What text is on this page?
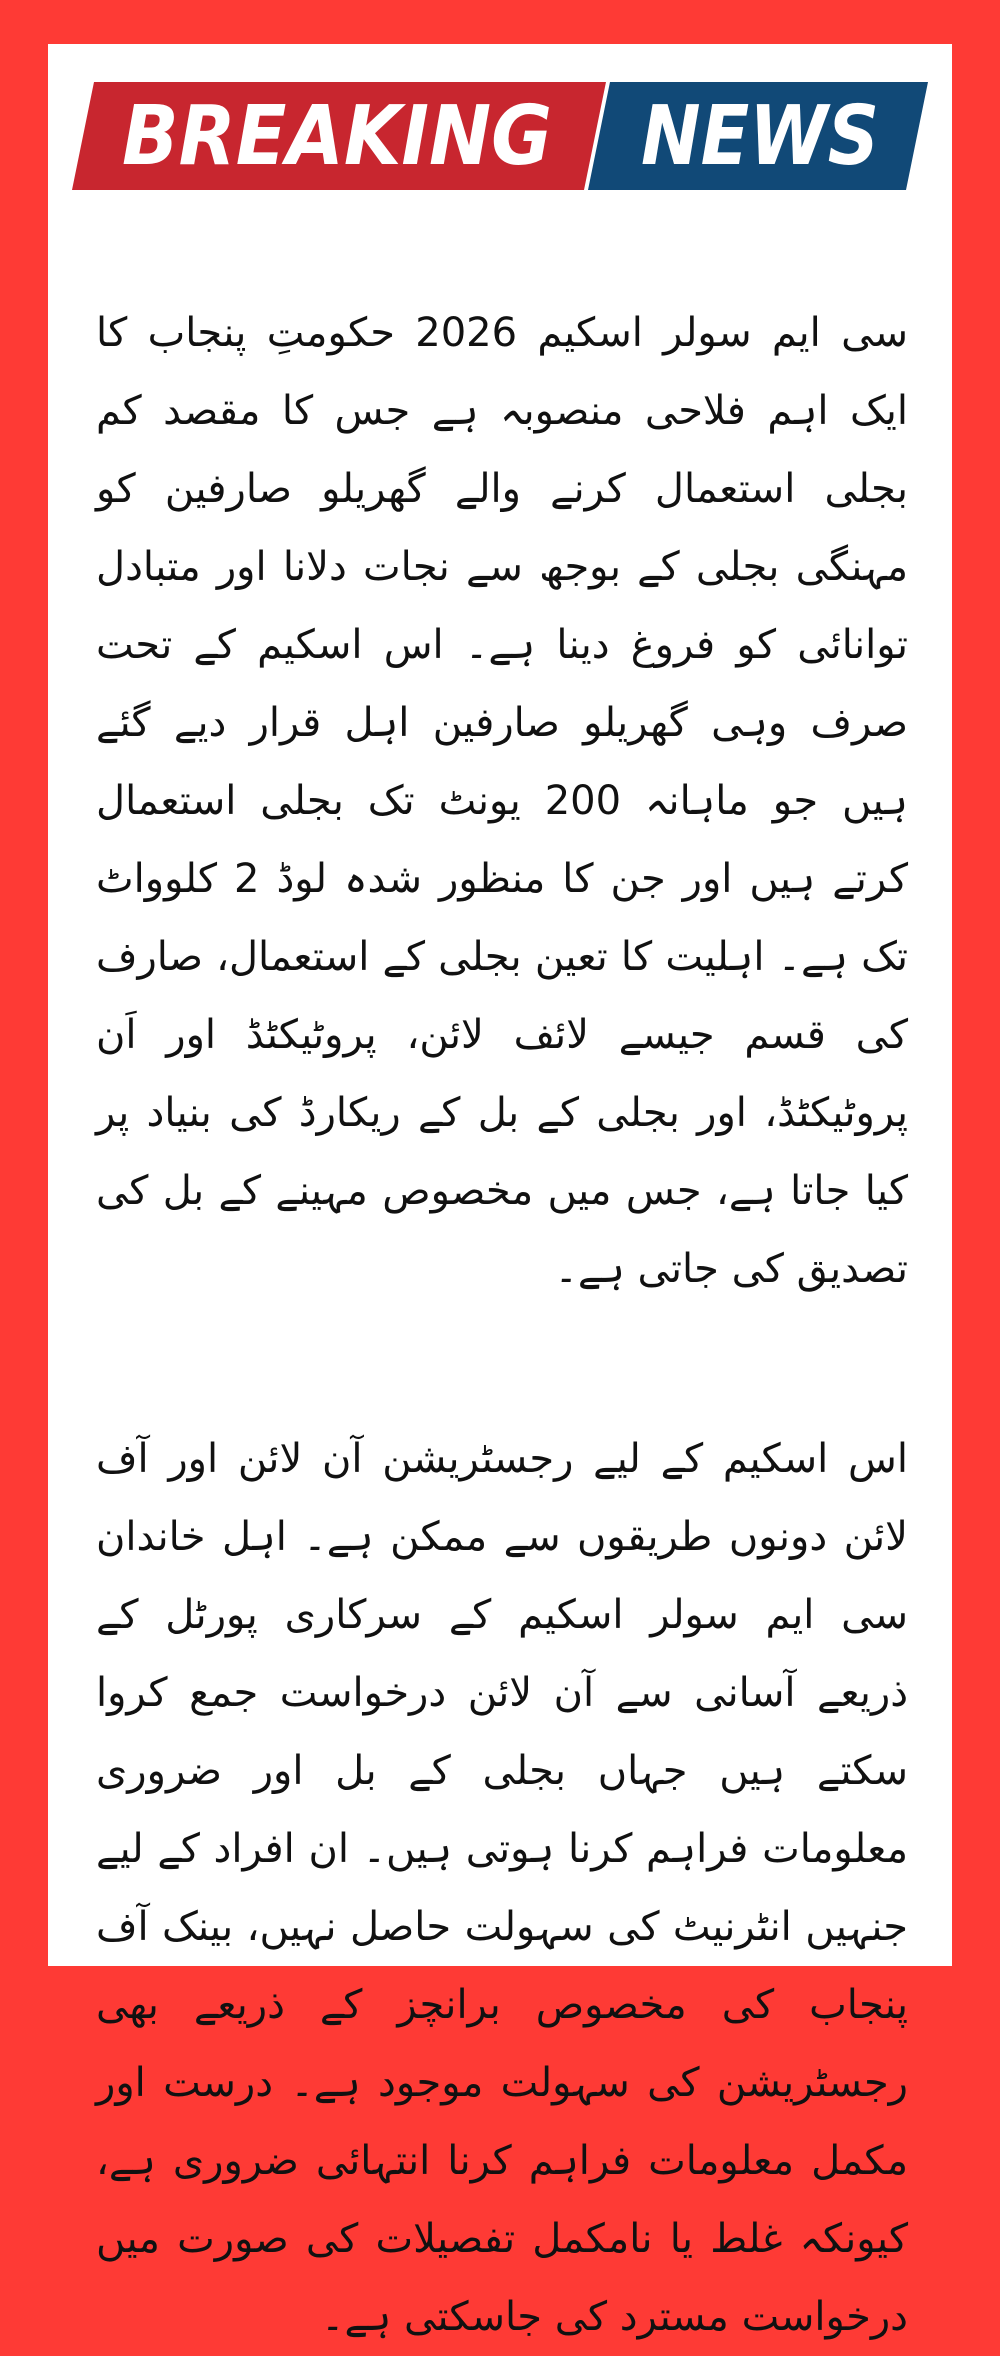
BREAKING NEWS

سی ایم سولر اسکیم 2026 حکومتِ پنجاب کا ایک اہم فلاحی منصوبہ ہے جس کا مقصد کم بجلی استعمال کرنے والے گھریلو صارفین کو مہنگی بجلی کے بوجھ سے نجات دلانا اور متبادل توانائی کو فروغ دینا ہے۔ اس اسکیم کے تحت صرف وہی گھریلو صارفین اہل قرار دیے گئے ہیں جو ماہانہ 200 یونٹ تک بجلی استعمال کرتے ہیں اور جن کا منظور شدہ لوڈ 2 کلوواٹ تک ہے۔ اہلیت کا تعین بجلی کے استعمال، صارف کی قسم جیسے لائف لائن، پروٹیکٹڈ اور اَن پروٹیکٹڈ، اور بجلی کے بل کے ریکارڈ کی بنیاد پر کیا جاتا ہے، جس میں مخصوص مہینے کے بل کی تصدیق کی جاتی ہے۔

اس اسکیم کے لیے رجسٹریشن آن لائن اور آف لائن دونوں طریقوں سے ممکن ہے۔ اہل خاندان سی ایم سولر اسکیم کے سرکاری پورٹل کے ذریعے آسانی سے آن لائن درخواست جمع کروا سکتے ہیں جہاں بجلی کے بل اور ضروری معلومات فراہم کرنا ہوتی ہیں۔ ان افراد کے لیے جنہیں انٹرنیٹ کی سہولت حاصل نہیں، بینک آف پنجاب کی مخصوص برانچز کے ذریعے بھی رجسٹریشن کی سہولت موجود ہے۔ درست اور مکمل معلومات فراہم کرنا انتہائی ضروری ہے، کیونکہ غلط یا نامکمل تفصیلات کی صورت میں درخواست مسترد کی جاسکتی ہے۔
